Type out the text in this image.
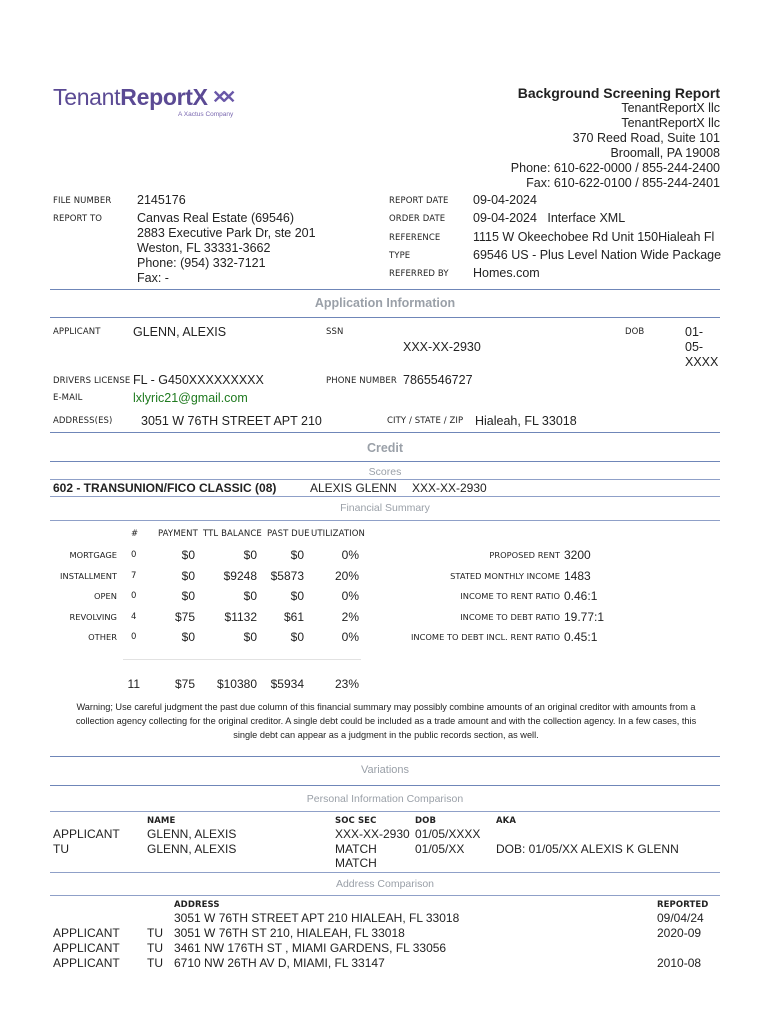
TenantReportX ✕✕
A Xactus Company
Background Screening Report
TenantReportX llc
TenantReportX llc
370 Reed Road, Suite 101
Broomall, PA 19008
Phone: 610-622-0000 / 855-244-2400
Fax: 610-622-0100 / 855-244-2401
FILE NUMBER 2145176
REPORT TO	Canvas Real Estate (69546)
2883 Executive Park Dr, ste 201
Weston, FL 33331-3662
Phone: (954) 332-7121
Fax: -
REPORT DATE 09-04-2024
ORDER DATE 09-04-2024   Interface XML
REFERENCE	1115 W Okeechobee Rd Unit 150Hialeah Fl
TYPE	69546 US - Plus Level Nation Wide Package
REFERRED BY Homes.com
Application Information
APPLICANT	GLENN, ALEXIS	SSN
XXX-XX-2930
DOB	01-
05-
XXXX
DRIVERS LICENSE FL - G450XXXXXXXXX	PHONE NUMBER 7865546727
E-MAIL	lxlyric21@gmail.com
ADDRESS(ES) 3051 W 76TH STREET APT 210	CITY / STATE / ZIP Hialeah, FL 33018
Credit
Scores
602 - TRANSUNION/FICO CLASSIC (08)	ALEXIS GLENN XXX-XX-2930
Financial Summary
# PAYMENT TTL BALANCE PAST DUE UTILIZATION
MORTGAGE 0	$0	$0	$0	0%
INSTALLMENT 7	$0 $9248 $5873	20%
OPEN 0	$0	$0	$0	0%
REVOLVING 4	$75 $1132 $61	2%
OTHER 0	$0	$0	$0	0%
11	$75 $10380 $5934	23%
PROPOSED RENT 3200
STATED MONTHLY INCOME 1483
INCOME TO RENT RATIO 0.46:1
INCOME TO DEBT RATIO 19.77:1
INCOME TO DEBT INCL. RENT RATIO 0.45:1
Warning; Use careful judgment the past due column of this financial summary may possibly combine amounts of an original creditor with amounts from a
collection agency collecting for the original creditor. A single debt could be included as a trade amount and with the collection agency. In a few cases, this
single debt can appear as a judgment in the public records section, as well.
Variations
Personal Information Comparison
NAME	SOC SEC	DOB	AKA
APPLICANT GLENN, ALEXIS	XXX-XX-2930 01/05/XXXX
TU	GLENN, ALEXIS	MATCH	01/05/XX	DOB: 01/05/XX ALEXIS K GLENN
MATCH
Address Comparison
ADDRESS	REPORTED
3051 W 76TH STREET APT 210 HIALEAH, FL 33018	09/04/24
APPLICANT TU 3051 W 76TH ST 210, HIALEAH, FL 33018	2020-09
APPLICANT TU 3461 NW 176TH ST , MIAMI GARDENS, FL 33056
APPLICANT TU 6710 NW 26TH AV D, MIAMI, FL 33147	2010-08
